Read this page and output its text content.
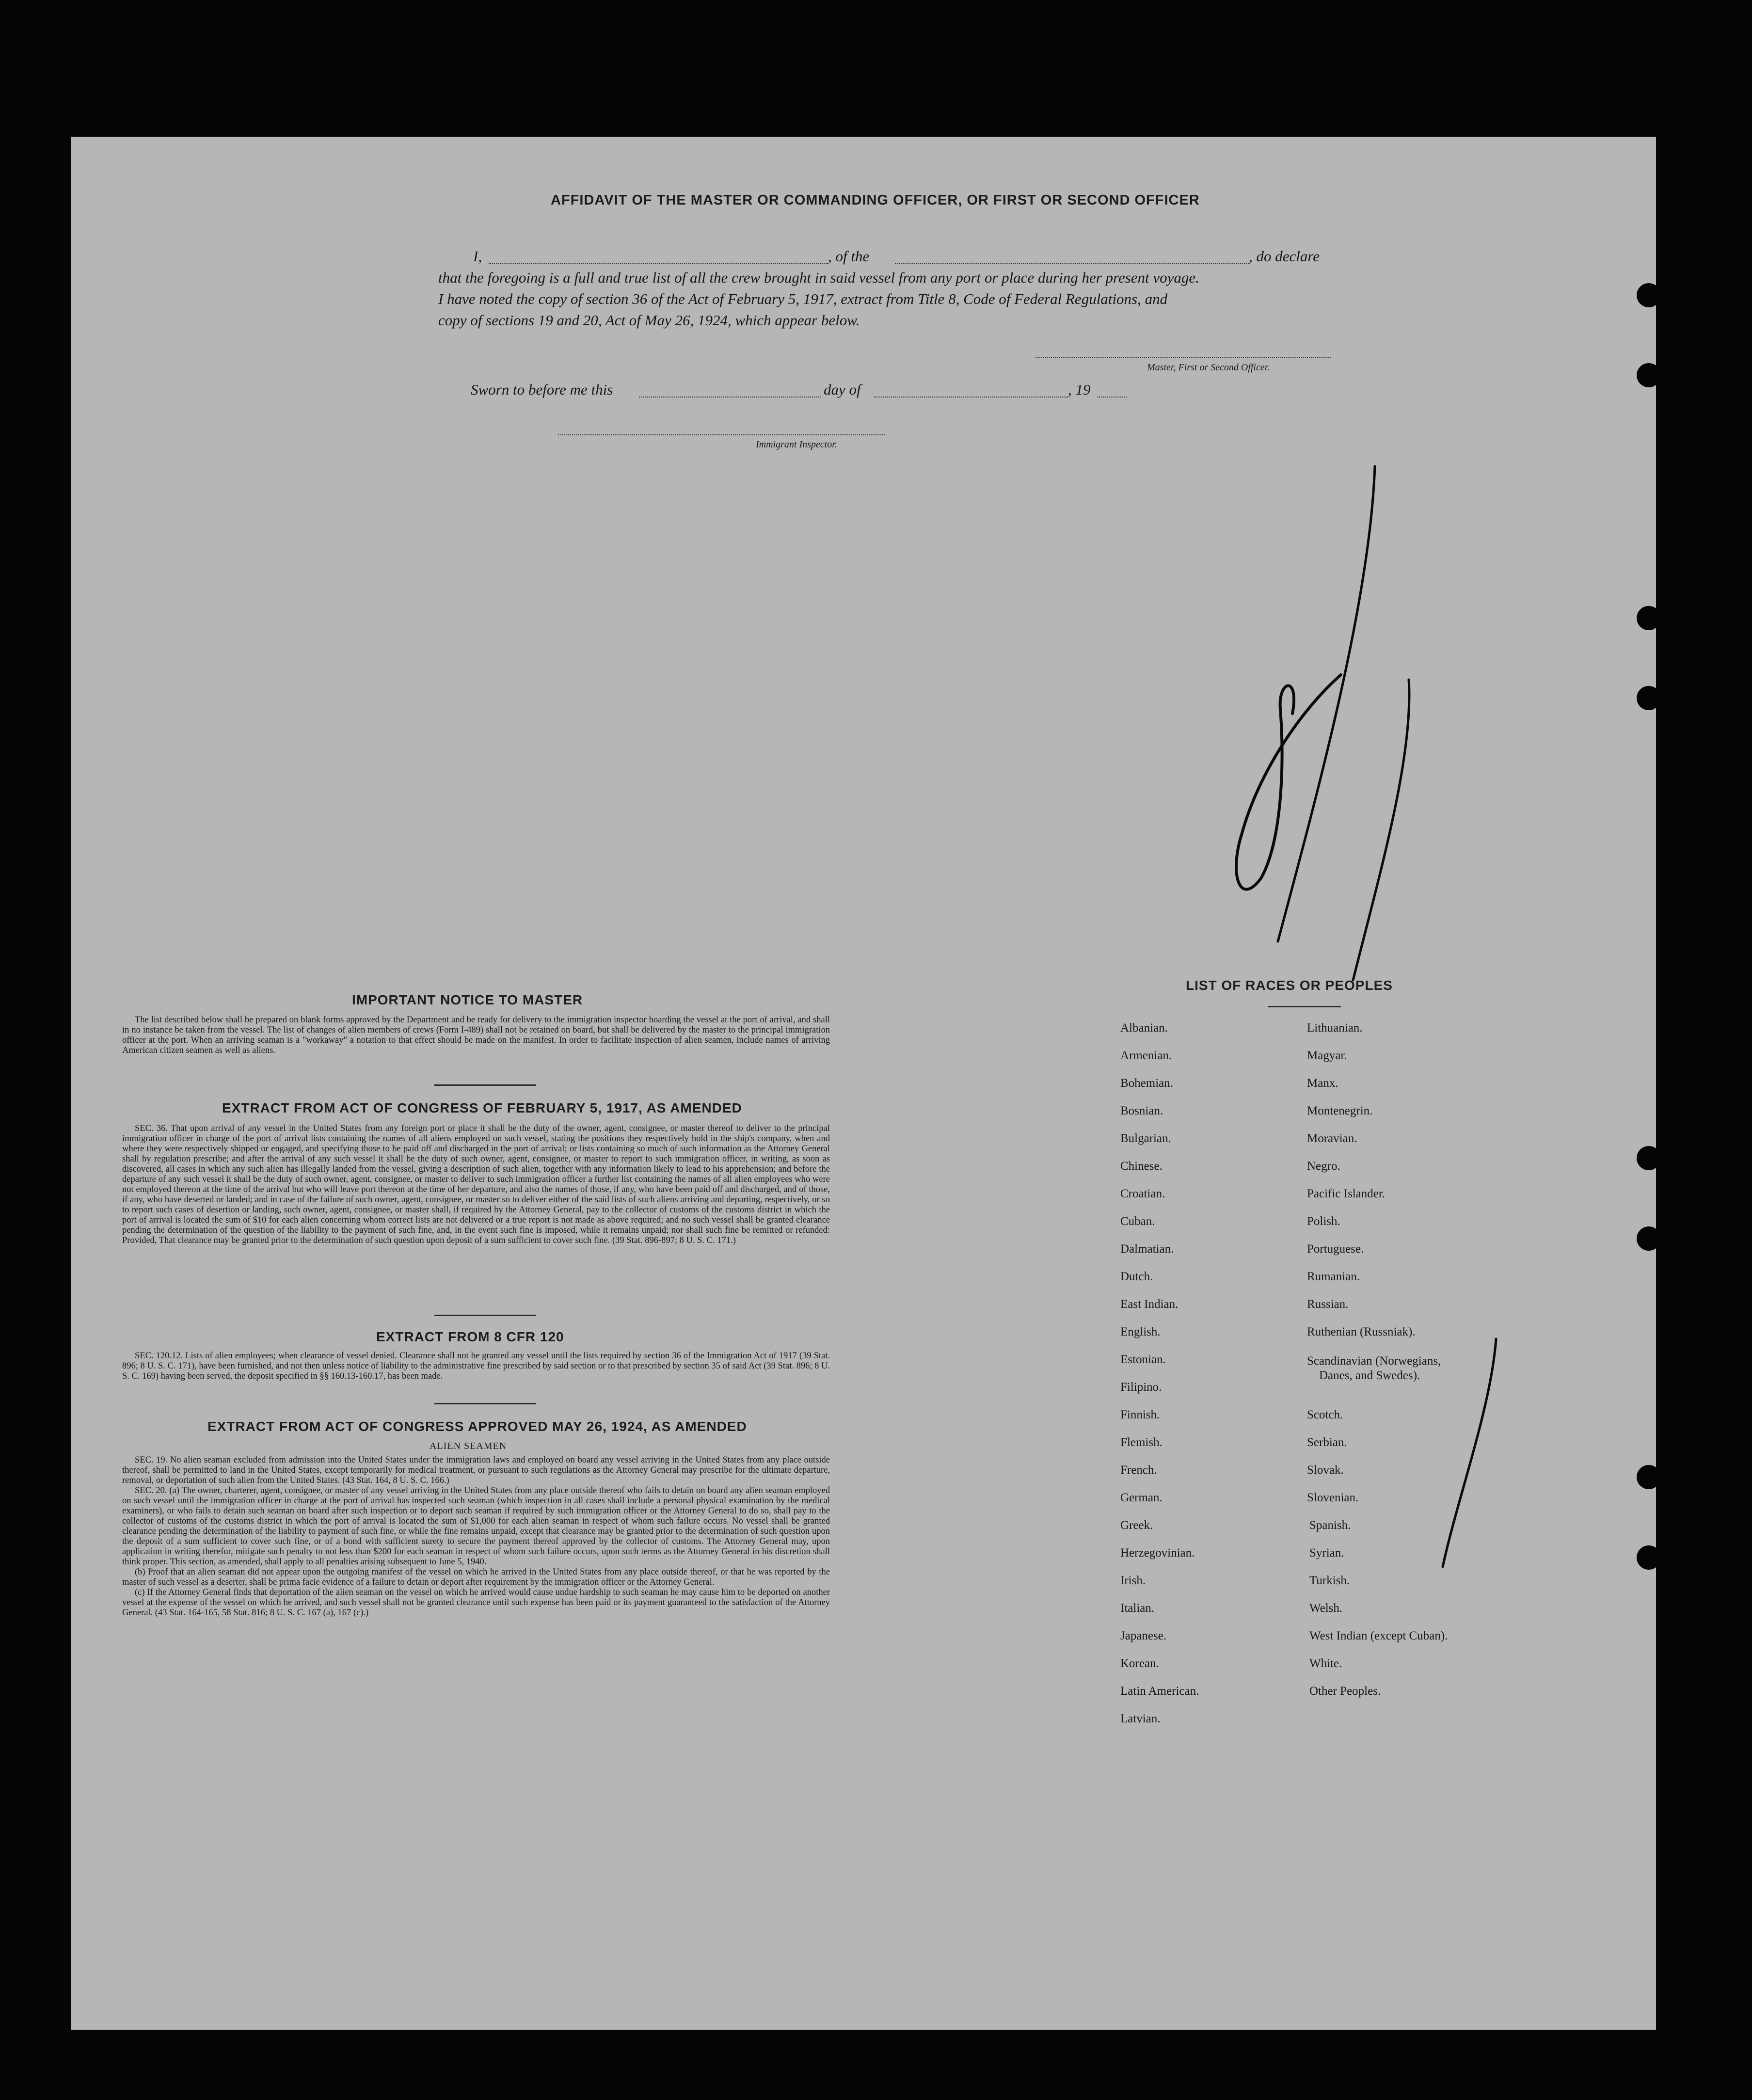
AFFIDAVIT OF THE MASTER OR COMMANDING OFFICER, OR FIRST OR SECOND OFFICER
I,	, of the	, do declare
that the foregoing is a full and true list of all the crew brought in said vessel from any port or place during her present voyage.
I have noted the copy of section 36 of the Act of February 5, 1917, extract from Title 8, Code of Federal Regulations, and
copy of sections 19 and 20, Act of May 26, 1924, which appear below.
Master, First or Second Officer.
Sworn to before me this	day of	, 19
Immigrant Inspector.
IMPORTANT NOTICE TO MASTER

The list described below shall be prepared on blank forms approved by the Department and be ready for delivery to the immigration inspector boarding the vessel at the port of arrival, and shall in no instance be taken from the vessel. The list of changes of alien members of crews (Form I-489) shall not be retained on board, but shall be delivered by the master to the principal immigration officer at the port. When an arriving seaman is a "workaway" a notation to that effect should be made on the manifest. In order to facilitate inspection of alien seamen, include names of arriving American citizen seamen as well as aliens.

EXTRACT FROM ACT OF CONGRESS OF FEBRUARY 5, 1917, AS AMENDED

SEC. 36. That upon arrival of any vessel in the United States from any foreign port or place it shall be the duty of the owner, agent, consignee, or master thereof to deliver to the principal immigration officer in charge of the port of arrival lists containing the names of all aliens employed on such vessel, stating the positions they respectively hold in the ship's company, when and where they were respectively shipped or engaged, and specifying those to be paid off and discharged in the port of arrival; or lists containing so much of such information as the Attorney General shall by regulation prescribe; and after the arrival of any such vessel it shall be the duty of such owner, agent, consignee, or master to report to such immigration officer, in writing, as soon as discovered, all cases in which any such alien has illegally landed from the vessel, giving a description of such alien, together with any information likely to lead to his apprehension; and before the departure of any such vessel it shall be the duty of such owner, agent, consignee, or master to deliver to such immigration officer a further list containing the names of all alien employees who were not employed thereon at the time of the arrival but who will leave port thereon at the time of her departure, and also the names of those, if any, who have been paid off and discharged, and of those, if any, who have deserted or landed; and in case of the failure of such owner, agent, consignee, or master so to deliver either of the said lists of such aliens arriving and departing, respectively, or so to report such cases of desertion or landing, such owner, agent, consignee, or master shall, if required by the Attorney General, pay to the collector of customs of the customs district in which the port of arrival is located the sum of $10 for each alien concerning whom correct lists are not delivered or a true report is not made as above required; and no such vessel shall be granted clearance pending the determination of the question of the liability to the payment of such fine, and, in the event such fine is imposed, while it remains unpaid; nor shall such fine be remitted or refunded: Provided, That clearance may be granted prior to the determination of such question upon deposit of a sum sufficient to cover such fine. (39 Stat. 896-897; 8 U. S. C. 171.)

EXTRACT FROM 8 CFR 120

SEC. 120.12. Lists of alien employees; when clearance of vessel denied. Clearance shall not be granted any vessel until the lists required by section 36 of the Immigration Act of 1917 (39 Stat. 896; 8 U. S. C. 171), have been furnished, and not then unless notice of liability to the administrative fine prescribed by said section or to that prescribed by section 35 of said Act (39 Stat. 896; 8 U. S. C. 169) having been served, the deposit specified in §§ 160.13-160.17, has been made.

EXTRACT FROM ACT OF CONGRESS APPROVED MAY 26, 1924, AS AMENDED
ALIEN SEAMEN

SEC. 19. No alien seaman excluded from admission into the United States under the immigration laws and employed on board any vessel arriving in the United States from any place outside thereof, shall be permitted to land in the United States, except temporarily for medical treatment, or pursuant to such regulations as the Attorney General may prescribe for the ultimate departure, removal, or deportation of such alien from the United States. (43 Stat. 164, 8 U. S. C. 166.)

SEC. 20. (a) The owner, charterer, agent, consignee, or master of any vessel arriving in the United States from any place outside thereof who fails to detain on board any alien seaman employed on such vessel until the immigration officer in charge at the port of arrival has inspected such seaman (which inspection in all cases shall include a personal physical examination by the medical examiners), or who fails to detain such seaman on board after such inspection or to deport such seaman if required by such immigration officer or the Attorney General to do so, shall pay to the collector of customs of the customs district in which the port of arrival is located the sum of $1,000 for each alien seaman in respect of whom such failure occurs. No vessel shall be granted clearance pending the determination of the liability to payment of such fine, or while the fine remains unpaid, except that clearance may be granted prior to the determination of such question upon the deposit of a sum sufficient to cover such fine, or of a bond with sufficient surety to secure the payment thereof approved by the collector of customs. The Attorney General may, upon application in writing therefor, mitigate such penalty to not less than $200 for each seaman in respect of whom such failure occurs, upon such terms as the Attorney General in his discretion shall think proper. This section, as amended, shall apply to all penalties arising subsequent to June 5, 1940.

(b) Proof that an alien seaman did not appear upon the outgoing manifest of the vessel on which he arrived in the United States from any place outside thereof, or that he was reported by the master of such vessel as a deserter, shall be prima facie evidence of a failure to detain or deport after requirement by the immigration officer or the Attorney General.

(c) If the Attorney General finds that deportation of the alien seaman on the vessel on which he arrived would cause undue hardship to such seaman he may cause him to be deported on another vessel at the expense of the vessel on which he arrived, and such vessel shall not be granted clearance until such expense has been paid or its payment guaranteed to the satisfaction of the Attorney General. (43 Stat. 164-165, 58 Stat. 816; 8 U. S. C. 167 (a), 167 (c).)

LIST OF RACES OR PEOPLES
Albanian.
Armenian.
Bohemian.
Bosnian.
Bulgarian.
Chinese.
Croatian.
Cuban.
Dalmatian.
Dutch.
East Indian.
English.
Estonian.
Filipino.
Finnish.
Flemish.
French.
German.
Greek.
Herzegovinian.
Irish.
Italian.
Japanese.
Korean.
Latin American.
Latvian.
Lithuanian.
Magyar.
Manx.
Montenegrin.
Moravian.
Negro.
Pacific Islander.
Polish.
Portuguese.
Rumanian.
Russian.
Ruthenian (Russniak).
Scandinavian (Norwegians,
Danes, and Swedes).
Scotch.
Serbian.
Slovak.
Slovenian.
Spanish.
Syrian.
Turkish.
Welsh.
West Indian (except Cuban).
White.
Other Peoples.
